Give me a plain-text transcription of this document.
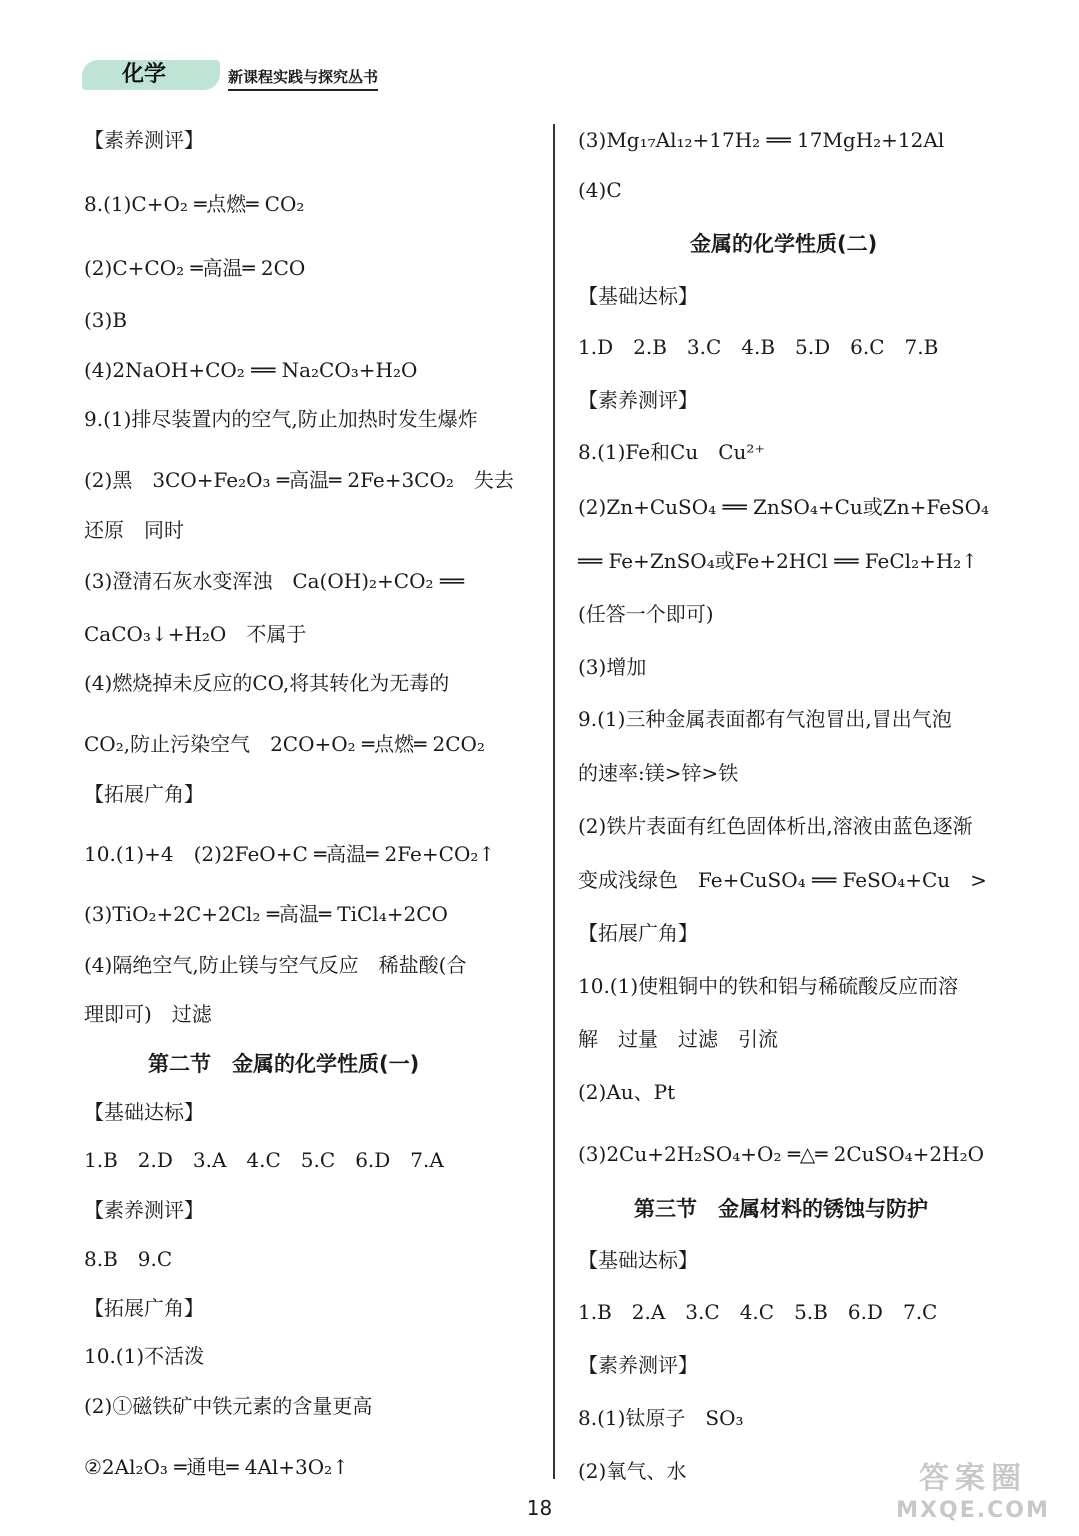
化学	新课程实践与探究丛书
【素养测评】
8.(1)C+O₂ ═点燃═ CO₂
(2)C+CO₂ ═高温═ 2CO
(3)B
(4)2NaOH+CO₂ ══ Na₂CO₃+H₂O
9.(1)排尽装置内的空气,防止加热时发生爆炸
(2)黑　3CO+Fe₂O₃ ═高温═ 2Fe+3CO₂　失去
还原　同时
(3)澄清石灰水变浑浊　Ca(OH)₂+CO₂ ══
CaCO₃↓+H₂O　不属于
(4)燃烧掉未反应的CO,将其转化为无毒的
CO₂,防止污染空气　2CO+O₂ ═点燃═ 2CO₂
【拓展广角】
10.(1)+4　(2)2FeO+C ═高温═ 2Fe+CO₂↑
(3)TiO₂+2C+2Cl₂ ═高温═ TiCl₄+2CO
(4)隔绝空气,防止镁与空气反应　稀盐酸(合
理即可)　过滤
第二节　金属的化学性质(一)
【基础达标】
1.B　2.D　3.A　4.C　5.C　6.D　7.A
【素养测评】
8.B　9.C
【拓展广角】
10.(1)不活泼
(2)①磁铁矿中铁元素的含量更高
②2Al₂O₃ ═通电═ 4Al+3O₂↑
(3)Mg₁₇Al₁₂+17H₂ ══ 17MgH₂+12Al
(4)C
金属的化学性质(二)
【基础达标】
1.D　2.B　3.C　4.B　5.D　6.C　7.B
【素养测评】
8.(1)Fe和Cu　Cu²⁺
(2)Zn+CuSO₄ ══ ZnSO₄+Cu或Zn+FeSO₄
══ Fe+ZnSO₄或Fe+2HCl ══ FeCl₂+H₂↑
(任答一个即可)
(3)增加
9.(1)三种金属表面都有气泡冒出,冒出气泡
的速率:镁>锌>铁
(2)铁片表面有红色固体析出,溶液由蓝色逐渐
变成浅绿色　Fe+CuSO₄ ══ FeSO₄+Cu　>
【拓展广角】
10.(1)使粗铜中的铁和铝与稀硫酸反应而溶
解　过量　过滤　引流
(2)Au、Pt
(3)2Cu+2H₂SO₄+O₂ ═△═ 2CuSO₄+2H₂O
第三节　金属材料的锈蚀与防护
【基础达标】
1.B　2.A　3.C　4.C　5.B　6.D　7.C
【素养测评】
8.(1)钛原子　SO₃
(2)氧气、水
18
答案圈
MXQE.COM
